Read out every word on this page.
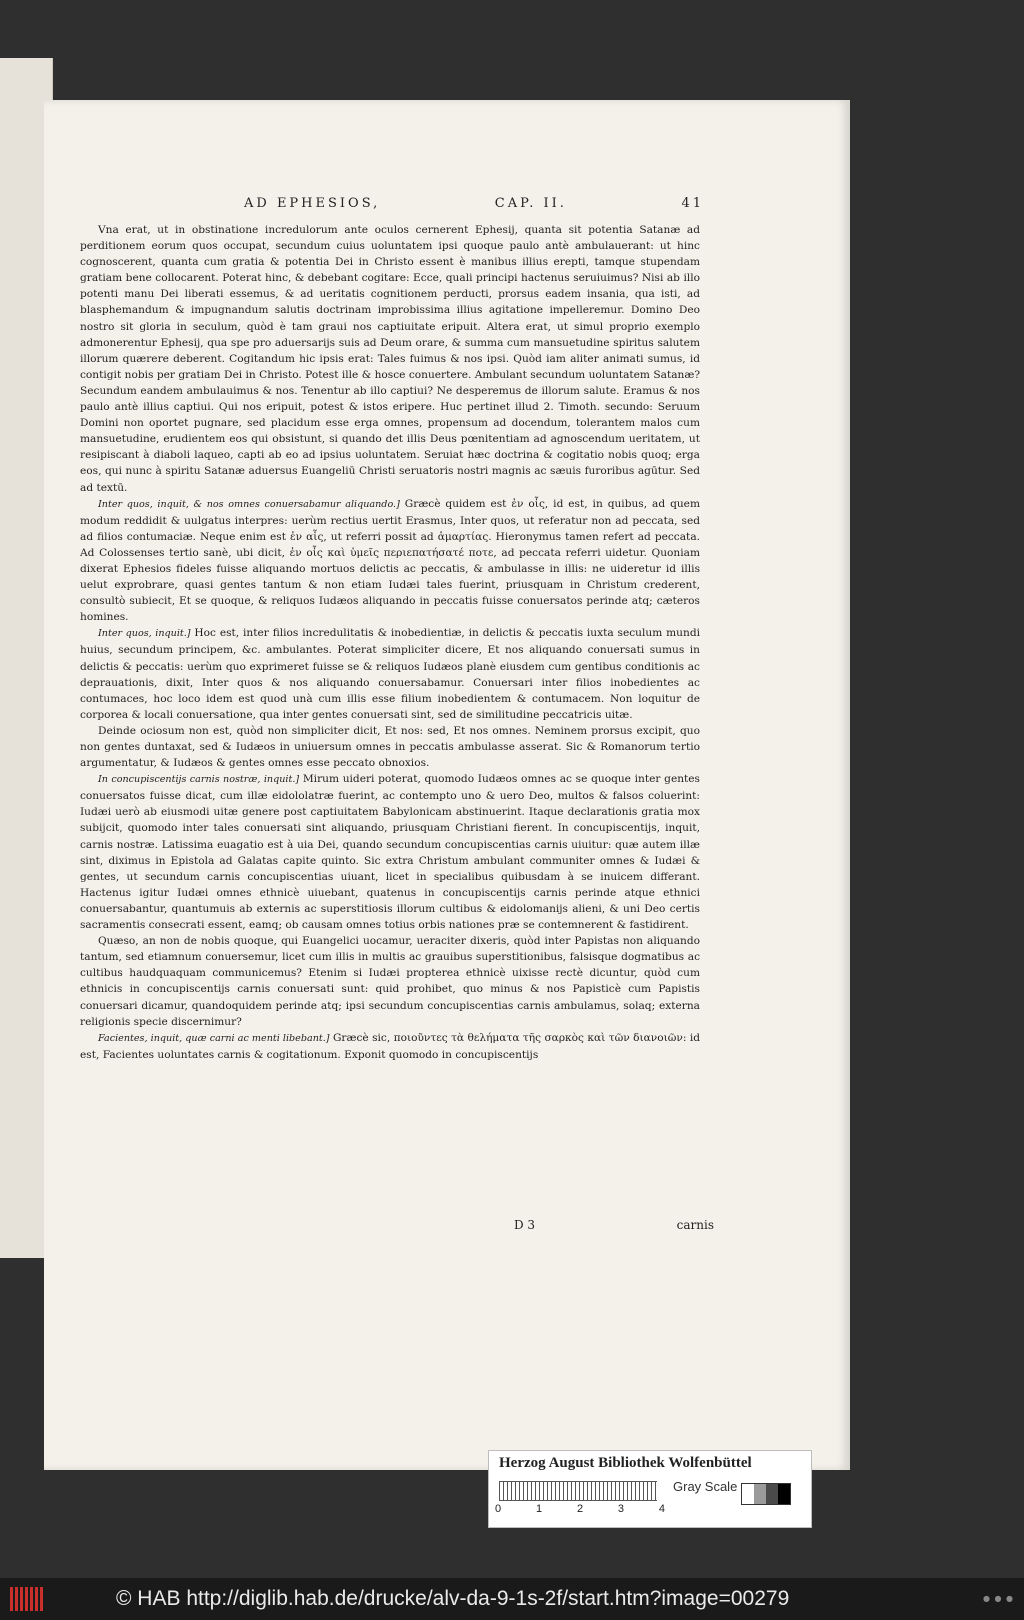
AD EPHESIOS,	CAP. II.	41

Vna erat, ut in obstinatione incredulorum ante oculos cernerent Ephesij, quanta sit potentia Satanæ ad perditionem eorum quos occupat, secundum cuius uoluntatem ipsi quoque paulo antè ambulauerant: ut hinc cognoscerent, quanta cum gratia & potentia Dei in Christo essent è manibus illius erepti, tamque stupendam gratiam bene collocarent. Poterat hinc, & debebant cogitare: Ecce, quali principi hactenus seruiuimus? Nisi ab illo potenti manu Dei liberati essemus, & ad ueritatis cognitionem perducti, prorsus eadem insania, qua isti, ad blasphemandum & impugnandum salutis doctrinam improbissima illius agitatione impelleremur. Domino Deo nostro sit gloria in seculum, quòd è tam graui nos captiuitate eripuit. Altera erat, ut simul proprio exemplo admonerentur Ephesij, qua spe pro aduersarijs suis ad Deum orare, & summa cum mansuetudine spiritus salutem illorum quærere deberent. Cogitandum hic ipsis erat: Tales fuimus & nos ipsi. Quòd iam aliter animati sumus, id contigit nobis per gratiam Dei in Christo. Potest ille & hosce conuertere. Ambulant secundum uoluntatem Satanæ? Secundum eandem ambulauimus & nos. Tenentur ab illo captiui? Ne desperemus de illorum salute. Eramus & nos paulo antè illius captiui. Qui nos eripuit, potest & istos eripere. Huc pertinet illud 2. Timoth. secundo: Seruum Domini non oportet pugnare, sed placidum esse erga omnes, propensum ad docendum, tolerantem malos cum mansuetudine, erudientem eos qui obsistunt, si quando det illis Deus pœnitentiam ad agnoscendum ueritatem, ut resipiscant à diaboli laqueo, capti ab eo ad ipsius uoluntatem. Seruiat hæc doctrina & cogitatio nobis quoq; erga eos, qui nunc à spiritu Satanæ aduersus Euangeliū Christi seruatoris nostri magnis ac sæuis furoribus agūtur. Sed ad textū.

Inter quos, inquit, & nos omnes conuersabamur aliquando.] Græcè quidem est ἐν οἷς, id est, in quibus, ad quem modum reddidit & uulgatus interpres: uerùm rectius uertit Erasmus, Inter quos, ut referatur non ad peccata, sed ad filios contumaciæ. Neque enim est ἐν αἷς, ut referri possit ad ἁμαρτίας. Hieronymus tamen refert ad peccata. Ad Colossenses tertio sanè, ubi dicit, ἐν οἷς καὶ ὑμεῖς περιεπατήσατέ ποτε, ad peccata referri uidetur. Quoniam dixerat Ephesios fideles fuisse aliquando mortuos delictis ac peccatis, & ambulasse in illis: ne uideretur id illis uelut exprobrare, quasi gentes tantum & non etiam Iudæi tales fuerint, priusquam in Christum crederent, consultò subiecit, Et se quoque, & reliquos Iudæos aliquando in peccatis fuisse conuersatos perinde atq; cæteros homines.

Inter quos, inquit.] Hoc est, inter filios incredulitatis & inobedientiæ, in delictis & peccatis iuxta seculum mundi huius, secundum principem, &c. ambulantes. Poterat simpliciter dicere, Et nos aliquando conuersati sumus in delictis & peccatis: uerùm quo exprimeret fuisse se & reliquos Iudæos planè eiusdem cum gentibus conditionis ac deprauationis, dixit, Inter quos & nos aliquando conuersabamur. Conuersari inter filios inobedientes ac contumaces, hoc loco idem est quod unà cum illis esse filium inobedientem & contumacem. Non loquitur de corporea & locali conuersatione, qua inter gentes conuersati sint, sed de similitudine peccatricis uitæ.

Deinde ociosum non est, quòd non simpliciter dicit, Et nos: sed, Et nos omnes. Neminem prorsus excipit, quo non gentes duntaxat, sed & Iudæos in uniuersum omnes in peccatis ambulasse asserat. Sic & Romanorum tertio argumentatur, & Iudæos & gentes omnes esse peccato obnoxios.

In concupiscentijs carnis nostræ, inquit.] Mirum uideri poterat, quomodo Iudæos omnes ac se quoque inter gentes conuersatos fuisse dicat, cum illæ eidololatræ fuerint, ac contempto uno & uero Deo, multos & falsos coluerint: Iudæi uerò ab eiusmodi uitæ genere post captiuitatem Babylonicam abstinuerint. Itaque declarationis gratia mox subijcit, quomodo inter tales conuersati sint aliquando, priusquam Christiani fierent. In concupiscentijs, inquit, carnis nostræ. Latissima euagatio est à uia Dei, quando secundum concupiscentias carnis uiuitur: quæ autem illæ sint, diximus in Epistola ad Galatas capite quinto. Sic extra Christum ambulant communiter omnes & Iudæi & gentes, ut secundum carnis concupiscentias uiuant, licet in specialibus quibusdam à se inuicem differant. Hactenus igitur Iudæi omnes ethnicè uiuebant, quatenus in concupiscentijs carnis perinde atque ethnici conuersabantur, quantumuis ab externis ac superstitiosis illorum cultibus & eidolomanijs alieni, & uni Deo certis sacramentis consecrati essent, eamq; ob causam omnes totius orbis nationes præ se contemnerent & fastidirent.

Quæso, an non de nobis quoque, qui Euangelici uocamur, ueraciter dixeris, quòd inter Papistas non aliquando tantum, sed etiamnum conuersemur, licet cum illis in multis ac grauibus superstitionibus, falsisque dogmatibus ac cultibus haudquaquam communicemus? Etenim si Iudæi propterea ethnicè uixisse rectè dicuntur, quòd cum ethnicis in concupiscentijs carnis conuersati sunt: quid prohibet, quo minus & nos Papisticè cum Papistis conuersari dicamur, quandoquidem perinde atq; ipsi secundum concupiscentias carnis ambulamus, solaq; externa religionis specie discernimur?

Facientes, inquit, quæ carni ac menti libebant.] Græcè sic, ποιοῦντες τὰ θελήματα τῆς σαρκὸς καὶ τῶν διανοιῶν: id est, Facientes uoluntates carnis & cogitationum. Exponit quomodo in concupiscentijs

D 3	carnis
Herzog August Bibliothek Wolfenbüttel
0	1	2	3	4
Gray Scale
© HAB http://diglib.hab.de/drucke/alv-da-9-1s-2f/start.htm?image=00279	● ● ●
